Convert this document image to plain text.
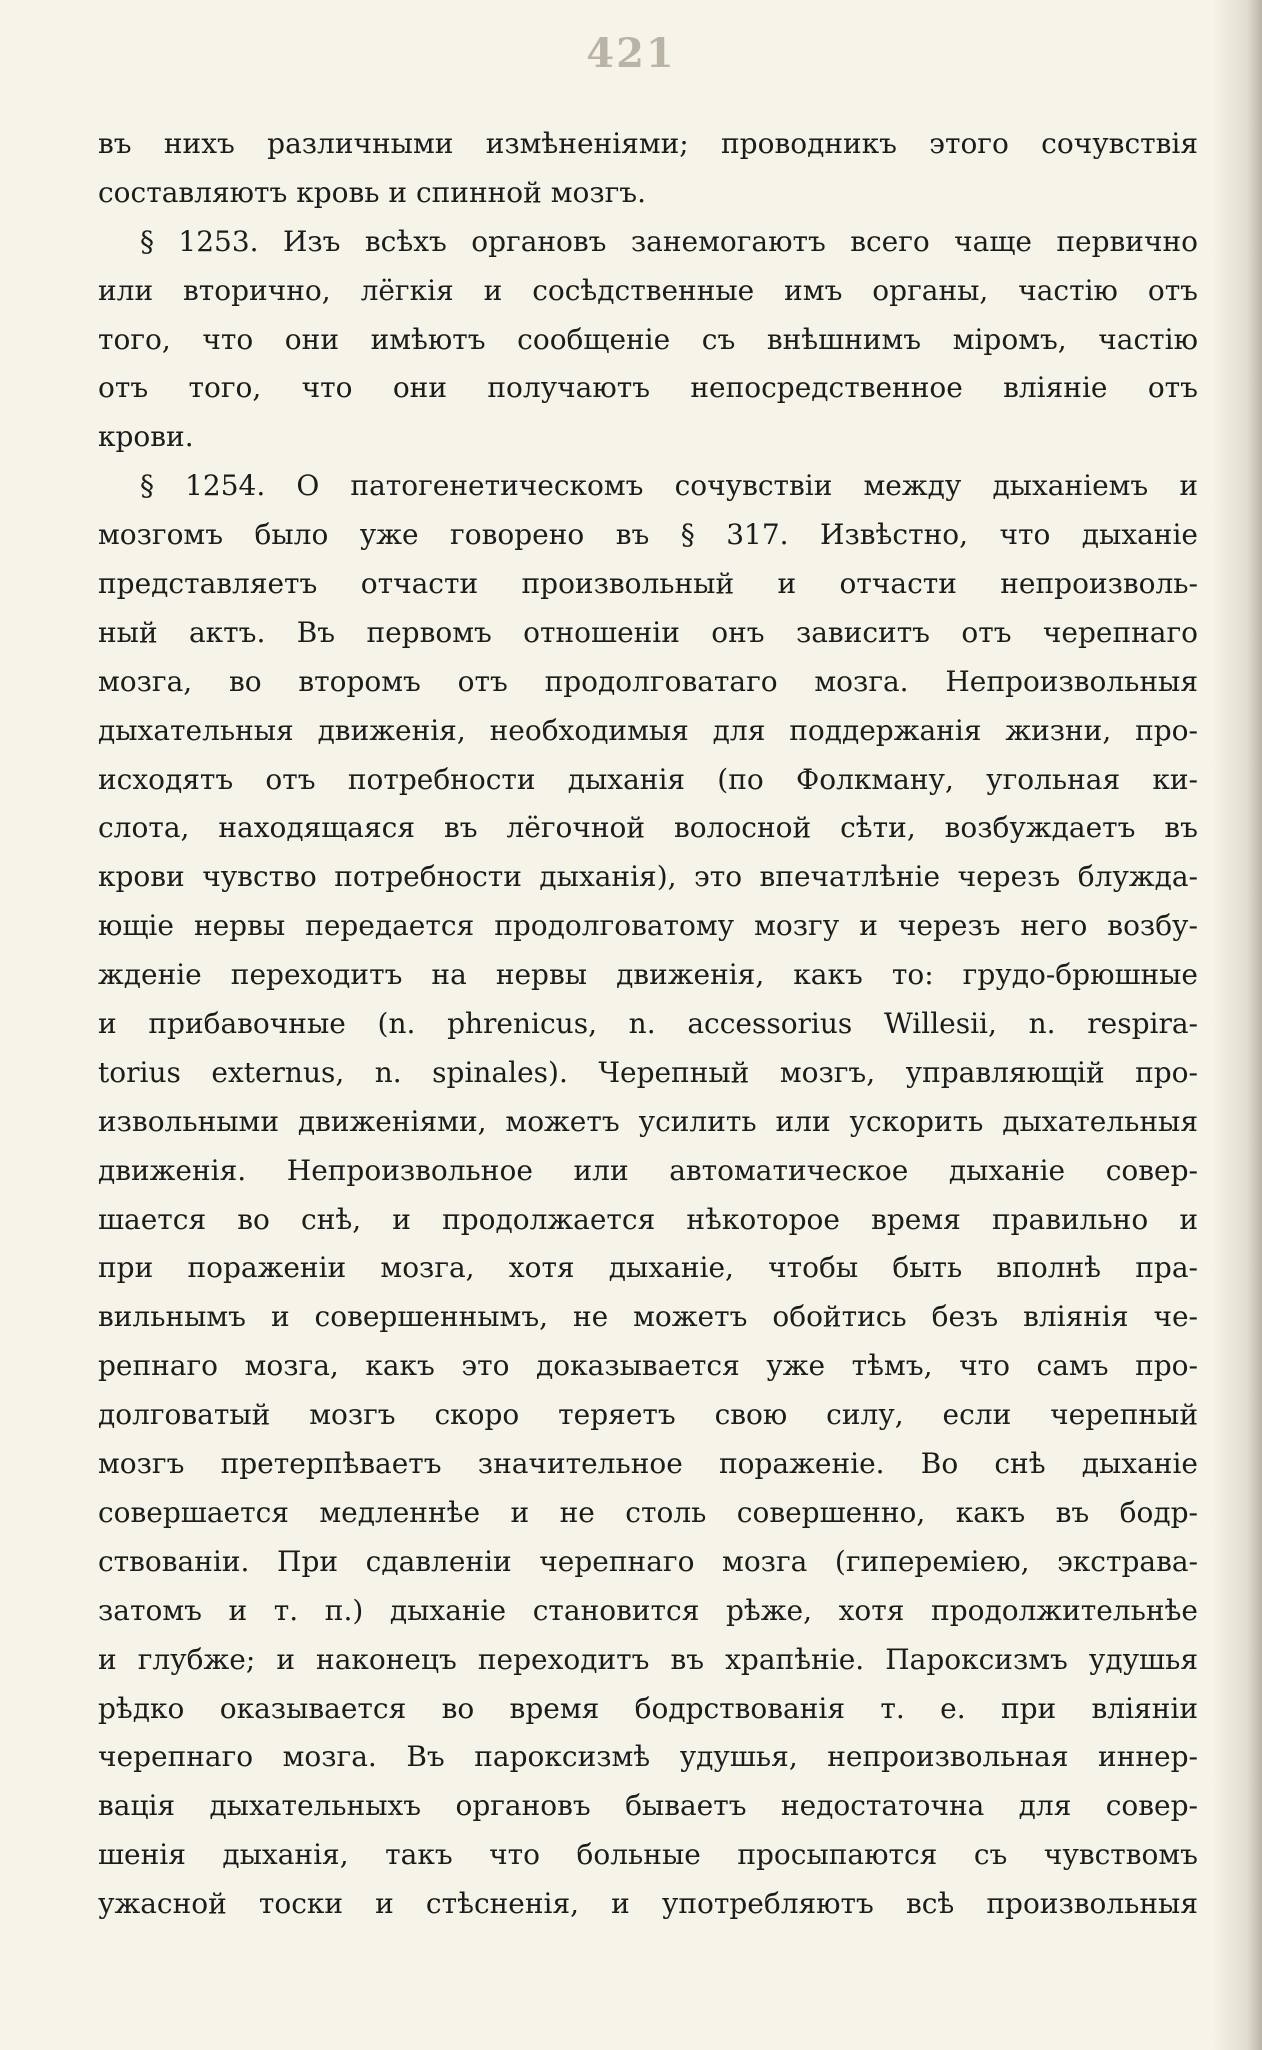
421
въ нихъ различными измѣненіями; проводникъ этого сочувствія
составляютъ кровь и спинной мозгъ.
§ 1253. Изъ всѣхъ органовъ занемогаютъ всего чаще первично
или вторично, лёгкія и сосѣдственные имъ органы, частію отъ
того, что они имѣютъ сообщеніе съ внѣшнимъ міромъ, частію
отъ того, что они получаютъ непосредственное вліяніе отъ
крови.
§ 1254. О патогенетическомъ сочувствіи между дыханіемъ и
мозгомъ было уже говорено въ § 317. Извѣстно, что дыханіе
представляетъ отчасти произвольный и отчасти непроизволь-
ный актъ. Въ первомъ отношеніи онъ зависитъ отъ черепнаго
мозга, во второмъ отъ продолговатаго мозга. Непроизвольныя
дыхательныя движенія, необходимыя для поддержанія жизни, про-
исходятъ отъ потребности дыханія (по Фолкману, угольная ки-
слота, находящаяся въ лёгочной волосной сѣти, возбуждаетъ въ
крови чувство потребности дыханія), это впечатлѣніе черезъ блужда-
ющіе нервы передается продолговатому мозгу и черезъ него возбу-
жденіе переходитъ на нервы движенія, какъ то: грудо-брюшные
и прибавочные (n. phrenicus, n. accessorius Willesii, n. respira-
torius externus, n. spinales). Черепный мозгъ, управляющій про-
извольными движеніями, можетъ усилить или ускорить дыхательныя
движенія. Непроизвольное или автоматическое дыханіе совер-
шается во снѣ, и продолжается нѣкоторое время правильно и
при пораженіи мозга, хотя дыханіе, чтобы быть вполнѣ пра-
вильнымъ и совершеннымъ, не можетъ обойтись безъ вліянія че-
репнаго мозга, какъ это доказывается уже тѣмъ, что самъ про-
долговатый мозгъ скоро теряетъ свою силу, если черепный
мозгъ претерпѣваетъ значительное пораженіе. Во снѣ дыханіе
совершается медленнѣе и не столь совершенно, какъ въ бодр-
ствованіи. При сдавленіи черепнаго мозга (гипереміею, экстрава-
затомъ и т. п.) дыханіе становится рѣже, хотя продолжительнѣе
и глубже; и наконецъ переходитъ въ храпѣніе. Пароксизмъ удушья
рѣдко оказывается во время бодрствованія т. е. при вліяніи
черепнаго мозга. Въ пароксизмѣ удушья, непроизвольная иннер-
вація дыхательныхъ органовъ бываетъ недостаточна для совер-
шенія дыханія, такъ что больные просыпаются съ чувствомъ
ужасной тоски и стѣсненія, и употребляютъ всѣ произвольныя
